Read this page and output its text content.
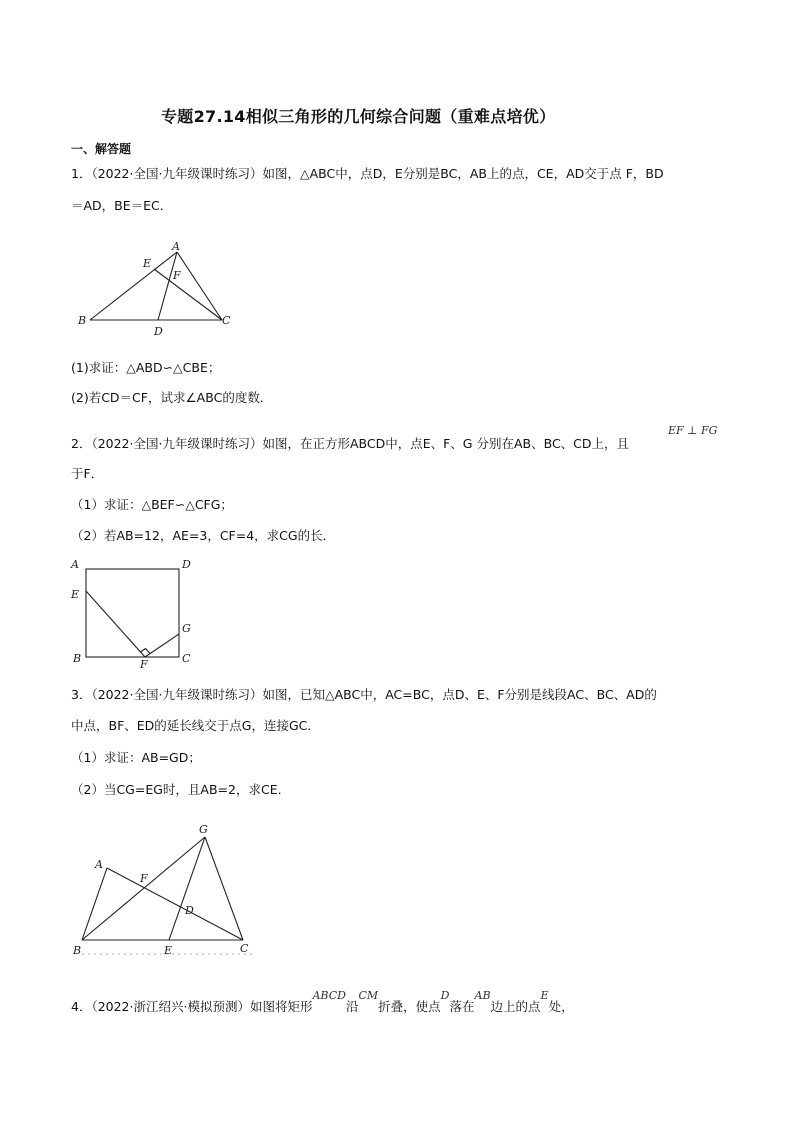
专题27.14相似三角形的几何综合问题（重难点培优）
一、解答题
1．（2022·全国·九年级课时练习）如图，△ABC中，点D，E分别是BC，AB上的点，CE，AD交于点 F，BD
＝AD，BE＝EC．
A
B	C
D
E
F
(1)求证：△ABD∽△CBE；
(2)若CD＝CF，试求∠ABC的度数．
2．（2022·全国·九年级课时练习）如图，在正方形ABCD中，点E、F、G 分别在AB、BC、CD上，且
EF ⊥ FG
于F．
（1）求证：△BEF∽△CFG；
（2）若AB=12，AE=3，CF=4，求CG的长．
A	D
E
G
B	C
F
3．（2022·全国·九年级课时练习）如图，已知△ABC中，AC=BC，点D、E、F分别是线段AC、BC、AD的
中点，BF、ED的延长线交于点G，连接GC．
（1）求证：AB=GD；
（2）当CG=EG时，且AB=2，求CE．
G
A
F
D
B	E	C
4．（2022·浙江绍兴·模拟预测）如图将矩形ABCD沿CM折叠，使点D落在AB边上的点E处，
